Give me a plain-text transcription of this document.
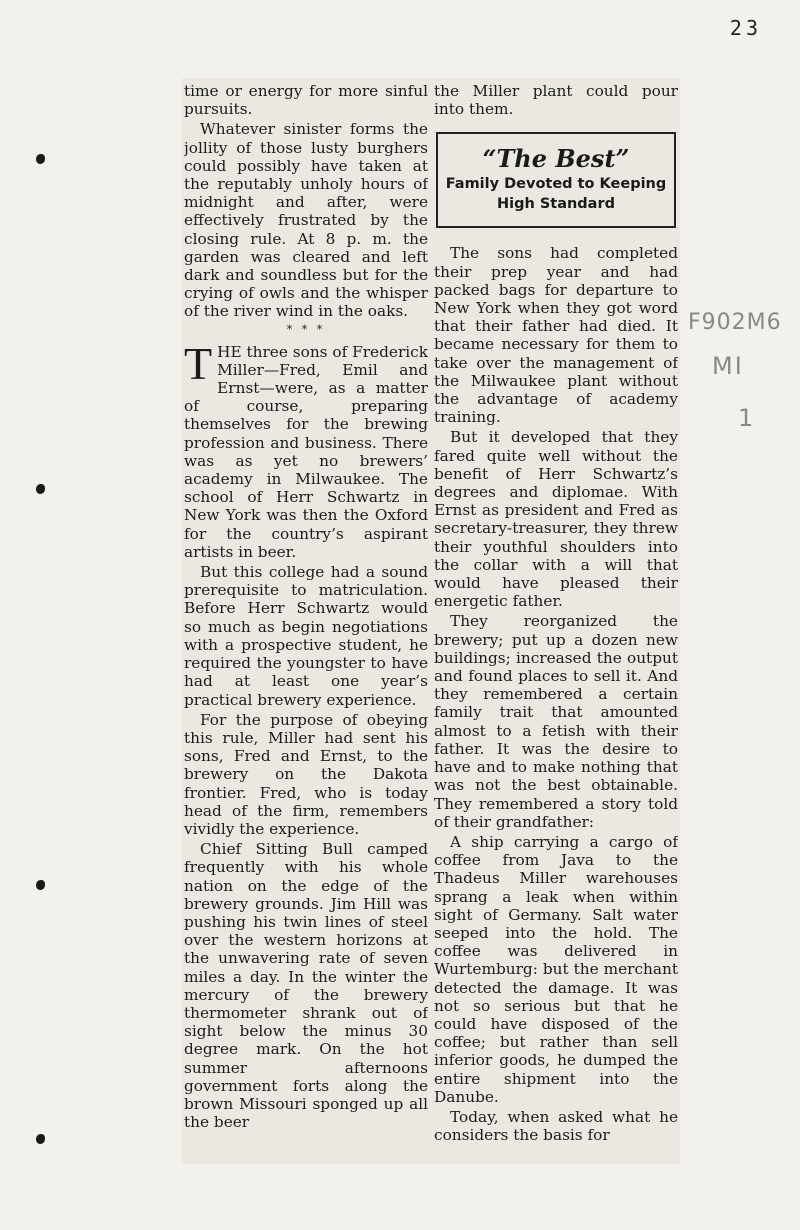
23
F902M6
MI
1

time or energy for more sinful pursuits.

Whatever sinister forms the jollity of those lusty burghers could possibly have taken at the reputably unholy hours of midnight and after, were effectively frustrated by the closing rule. At 8 p. m. the garden was cleared and left dark and soundless but for the crying of owls and the whisper of the river wind in the oaks.

* * *

THE three sons of Frederick Miller—Fred, Emil and Ernst—were, as a matter of course, preparing themselves for the brewing profession and business. There was as yet no brewers’ academy in Milwaukee. The school of Herr Schwartz in New York was then the Oxford for the country’s aspirant artists in beer.

But this college had a sound prerequisite to matriculation. Before Herr Schwartz would so much as begin negotiations with a prospective student, he required the youngster to have had at least one year’s practical brewery experience.

For the purpose of obeying this rule, Miller had sent his sons, Fred and Ernst, to the brewery on the Dakota frontier. Fred, who is today head of the firm, remembers vividly the experience.

Chief Sitting Bull camped frequently with his whole nation on the edge of the brewery grounds. Jim Hill was pushing his twin lines of steel over the western horizons at the unwavering rate of seven miles a day. In the winter the mercury of the brewery thermometer shrank out of sight below the minus 30 degree mark. On the hot summer afternoons government forts along the brown Missouri sponged up all the beer

the Miller plant could pour into them.

“The Best”
Family Devoted to Keeping High Standard

The sons had completed their prep year and had packed bags for departure to New York when they got word that their father had died. It became necessary for them to take over the management of the Milwaukee plant without the advantage of academy training.

But it developed that they fared quite well without the benefit of Herr Schwartz’s degrees and diplomae. With Ernst as president and Fred as secretary-treasurer, they threw their youthful shoulders into the collar with a will that would have pleased their energetic father.

They reorganized the brewery; put up a dozen new buildings; increased the output and found places to sell it. And they remembered a certain family trait that amounted almost to a fetish with their father. It was the desire to have and to make nothing that was not the best obtainable. They remembered a story told of their grandfather:

A ship carrying a cargo of coffee from Java to the Thadeus Miller warehouses sprang a leak when within sight of Germany. Salt water seeped into the hold. The coffee was delivered in Wurtemburg: but the merchant detected the damage. It was not so serious but that he could have disposed of the coffee; but rather than sell inferior goods, he dumped the entire shipment into the Danube.

Today, when asked what he considers the basis for
